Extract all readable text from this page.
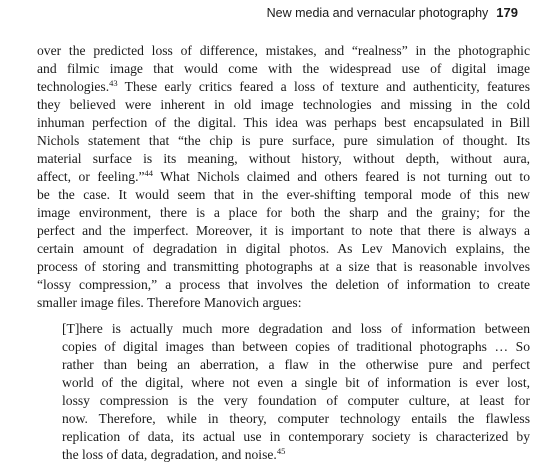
New media and vernacular photography 179
over the predicted loss of difference, mistakes, and “realness” in the photographic
and filmic image that would come with the widespread use of digital image
technologies.$^{43}$ These early critics feared a loss of texture and authenticity, features
they believed were inherent in old image technologies and missing in the cold
inhuman perfection of the digital. This idea was perhaps best encapsulated in Bill
Nichols statement that “the chip is pure surface, pure simulation of thought. Its
material surface is its meaning, without history, without depth, without aura,
affect, or feeling.”$^{44}$ What Nichols claimed and others feared is not turning out to
be the case. It would seem that in the ever-shifting temporal mode of this new
image environment, there is a place for both the sharp and the grainy; for the
perfect and the imperfect. Moreover, it is important to note that there is always a
certain amount of degradation in digital photos. As Lev Manovich explains, the
process of storing and transmitting photographs at a size that is reasonable involves
“lossy compression,” a process that involves the deletion of information to create
smaller image files. Therefore Manovich argues:
[T]here is actually much more degradation and loss of information between
copies of digital images than between copies of traditional photographs … So
rather than being an aberration, a flaw in the otherwise pure and perfect
world of the digital, where not even a single bit of information is ever lost,
lossy compression is the very foundation of computer culture, at least for
now. Therefore, while in theory, computer technology entails the flawless
replication of data, its actual use in contemporary society is characterized by
the loss of data, degradation, and noise.$^{45}$
